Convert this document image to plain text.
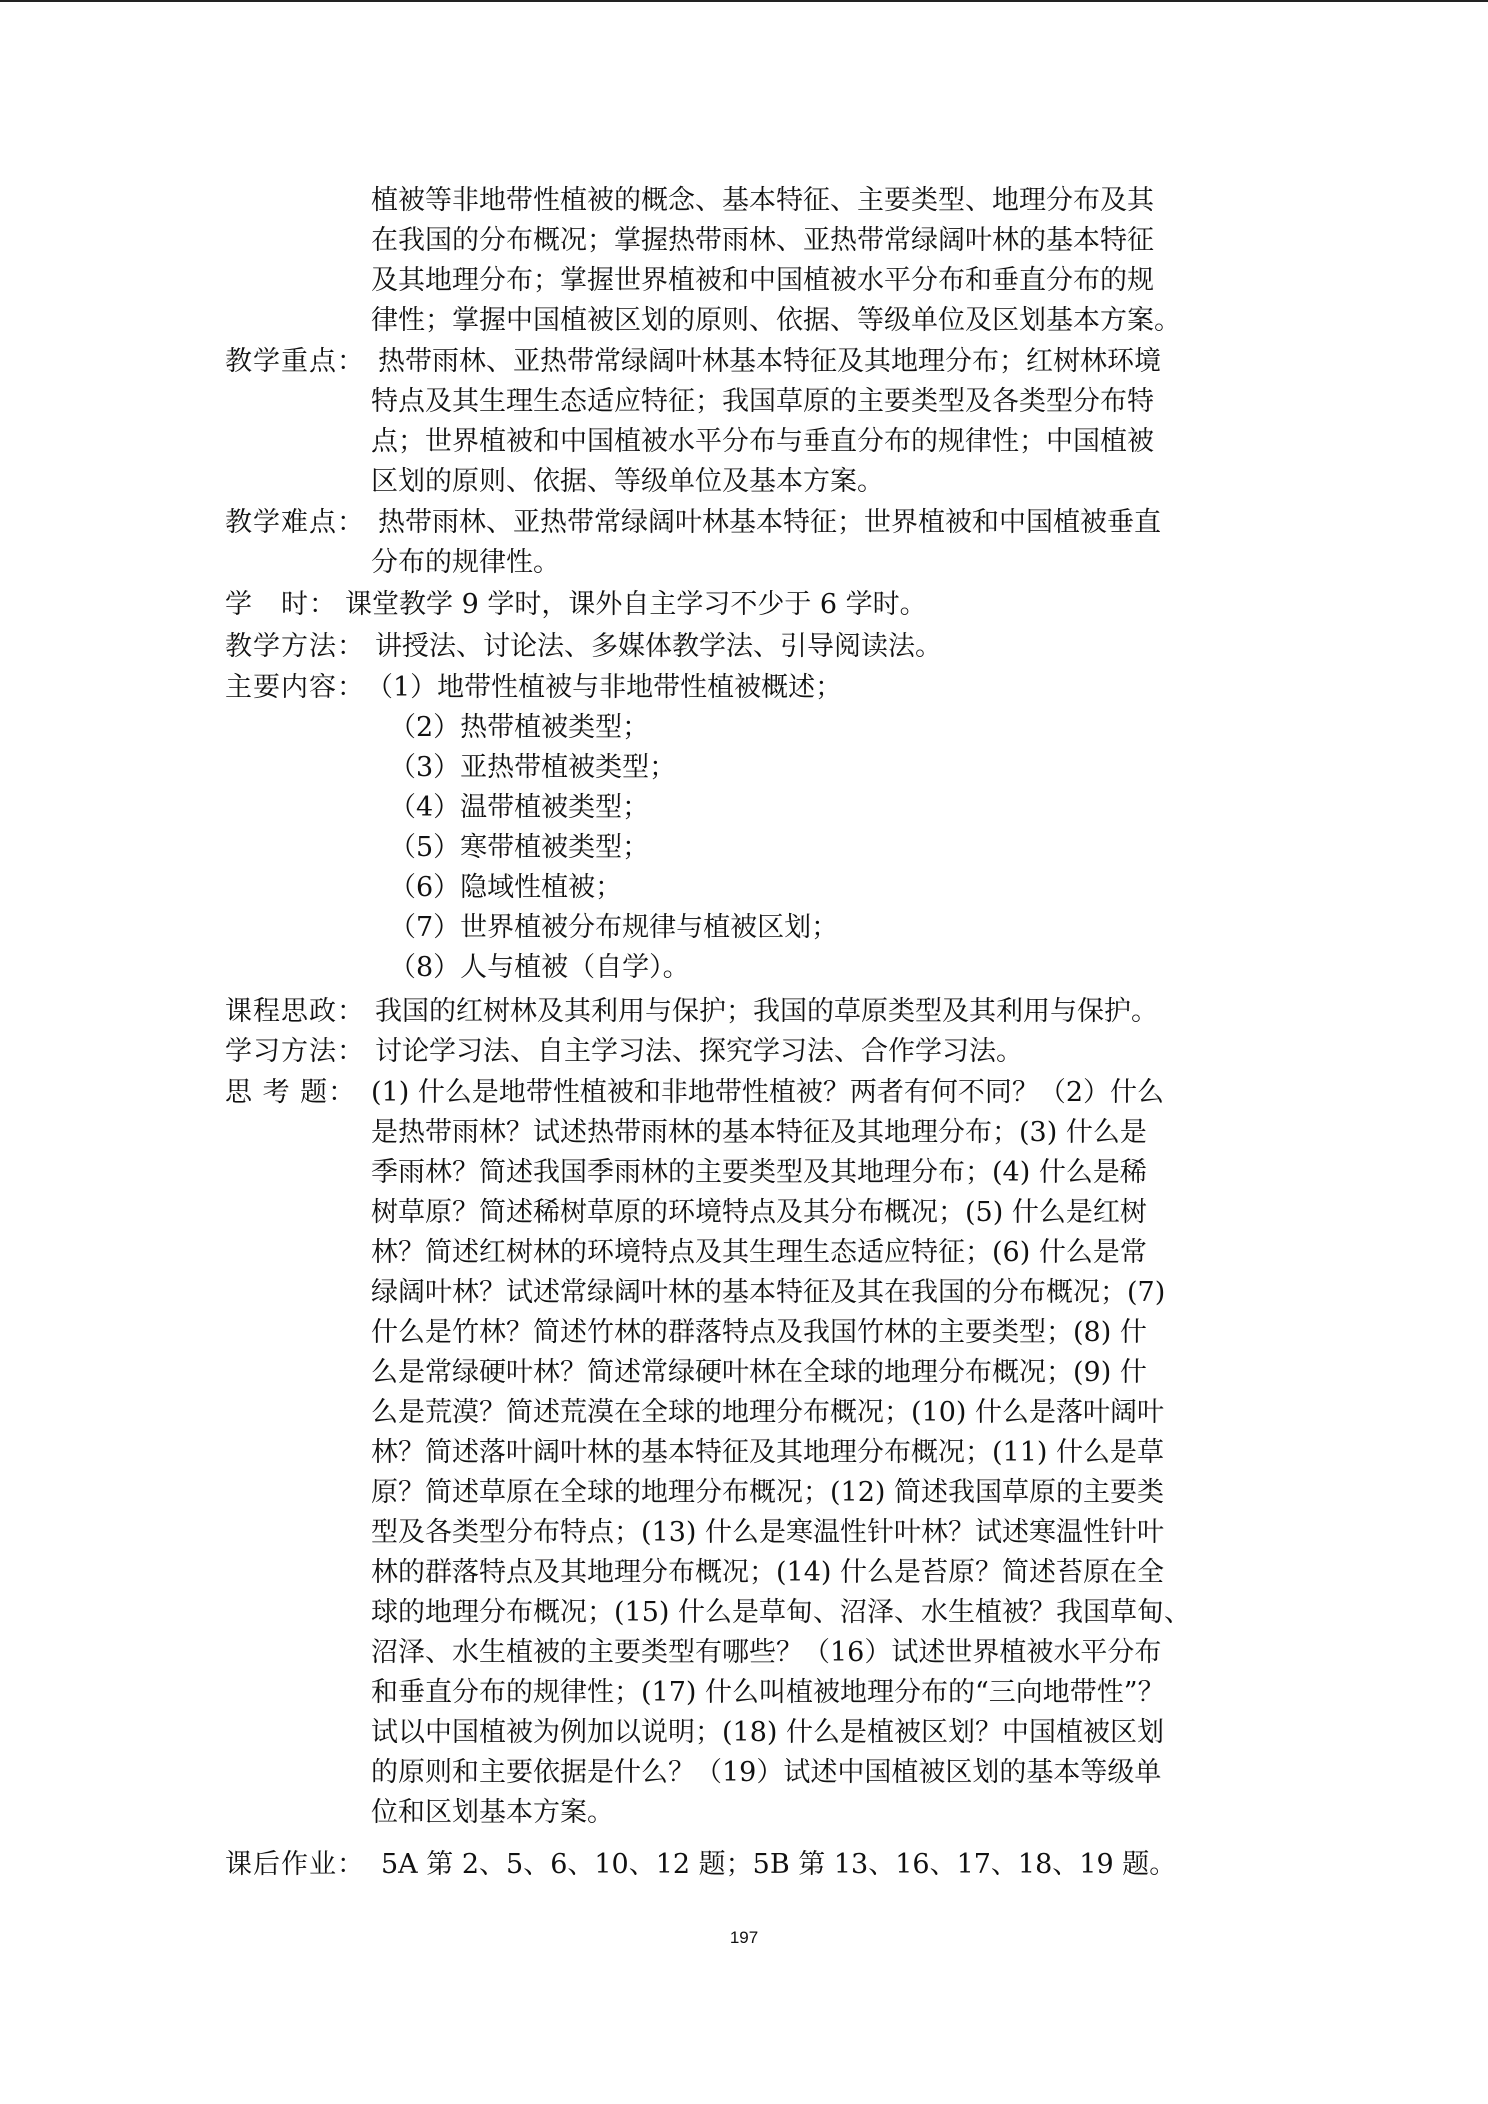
植被等非地带性植被的概念、基本特征、主要类型、地理分布及其
在我国的分布概况；掌握热带雨林、亚热带常绿阔叶林的基本特征
及其地理分布；掌握世界植被和中国植被水平分布和垂直分布的规
律性；掌握中国植被区划的原则、依据、等级单位及区划基本方案。
教学重点： 热带雨林、亚热带常绿阔叶林基本特征及其地理分布；红树林环境
特点及其生理生态适应特征；我国草原的主要类型及各类型分布特
点；世界植被和中国植被水平分布与垂直分布的规律性；中国植被
区划的原则、依据、等级单位及基本方案。
教学难点： 热带雨林、亚热带常绿阔叶林基本特征；世界植被和中国植被垂直
分布的规律性。
学　时： 课堂教学 9 学时，课外自主学习不少于 6 学时。
教学方法： 讲授法、讨论法、多媒体教学法、引导阅读法。
主要内容： （1）地带性植被与非地带性植被概述；
（2）热带植被类型；
（3）亚热带植被类型；
（4）温带植被类型；
（5）寒带植被类型；
（6）隐域性植被；
（7）世界植被分布规律与植被区划；
（8）人与植被（自学）。
课程思政： 我国的红树林及其利用与保护；我国的草原类型及其利用与保护。
学习方法： 讨论学习法、自主学习法、探究学习法、合作学习法。
思 考 题： (1) 什么是地带性植被和非地带性植被？两者有何不同？（2）什么
是热带雨林？试述热带雨林的基本特征及其地理分布；(3) 什么是
季雨林？简述我国季雨林的主要类型及其地理分布；(4) 什么是稀
树草原？简述稀树草原的环境特点及其分布概况；(5) 什么是红树
林？简述红树林的环境特点及其生理生态适应特征；(6) 什么是常
绿阔叶林？试述常绿阔叶林的基本特征及其在我国的分布概况；(7)
什么是竹林？简述竹林的群落特点及我国竹林的主要类型；(8) 什
么是常绿硬叶林？简述常绿硬叶林在全球的地理分布概况；(9) 什
么是荒漠？简述荒漠在全球的地理分布概况；(10) 什么是落叶阔叶
林？简述落叶阔叶林的基本特征及其地理分布概况；(11) 什么是草
原？简述草原在全球的地理分布概况；(12) 简述我国草原的主要类
型及各类型分布特点；(13) 什么是寒温性针叶林？试述寒温性针叶
林的群落特点及其地理分布概况；(14) 什么是苔原？简述苔原在全
球的地理分布概况；(15) 什么是草甸、沼泽、水生植被？我国草甸、
沼泽、水生植被的主要类型有哪些？（16）试述世界植被水平分布
和垂直分布的规律性；(17) 什么叫植被地理分布的“三向地带性”？
试以中国植被为例加以说明；(18) 什么是植被区划？中国植被区划
的原则和主要依据是什么？（19）试述中国植被区划的基本等级单
位和区划基本方案。
课后作业： 5A 第 2、5、6、10、12 题；5B 第 13、16、17、18、19 题。
197
